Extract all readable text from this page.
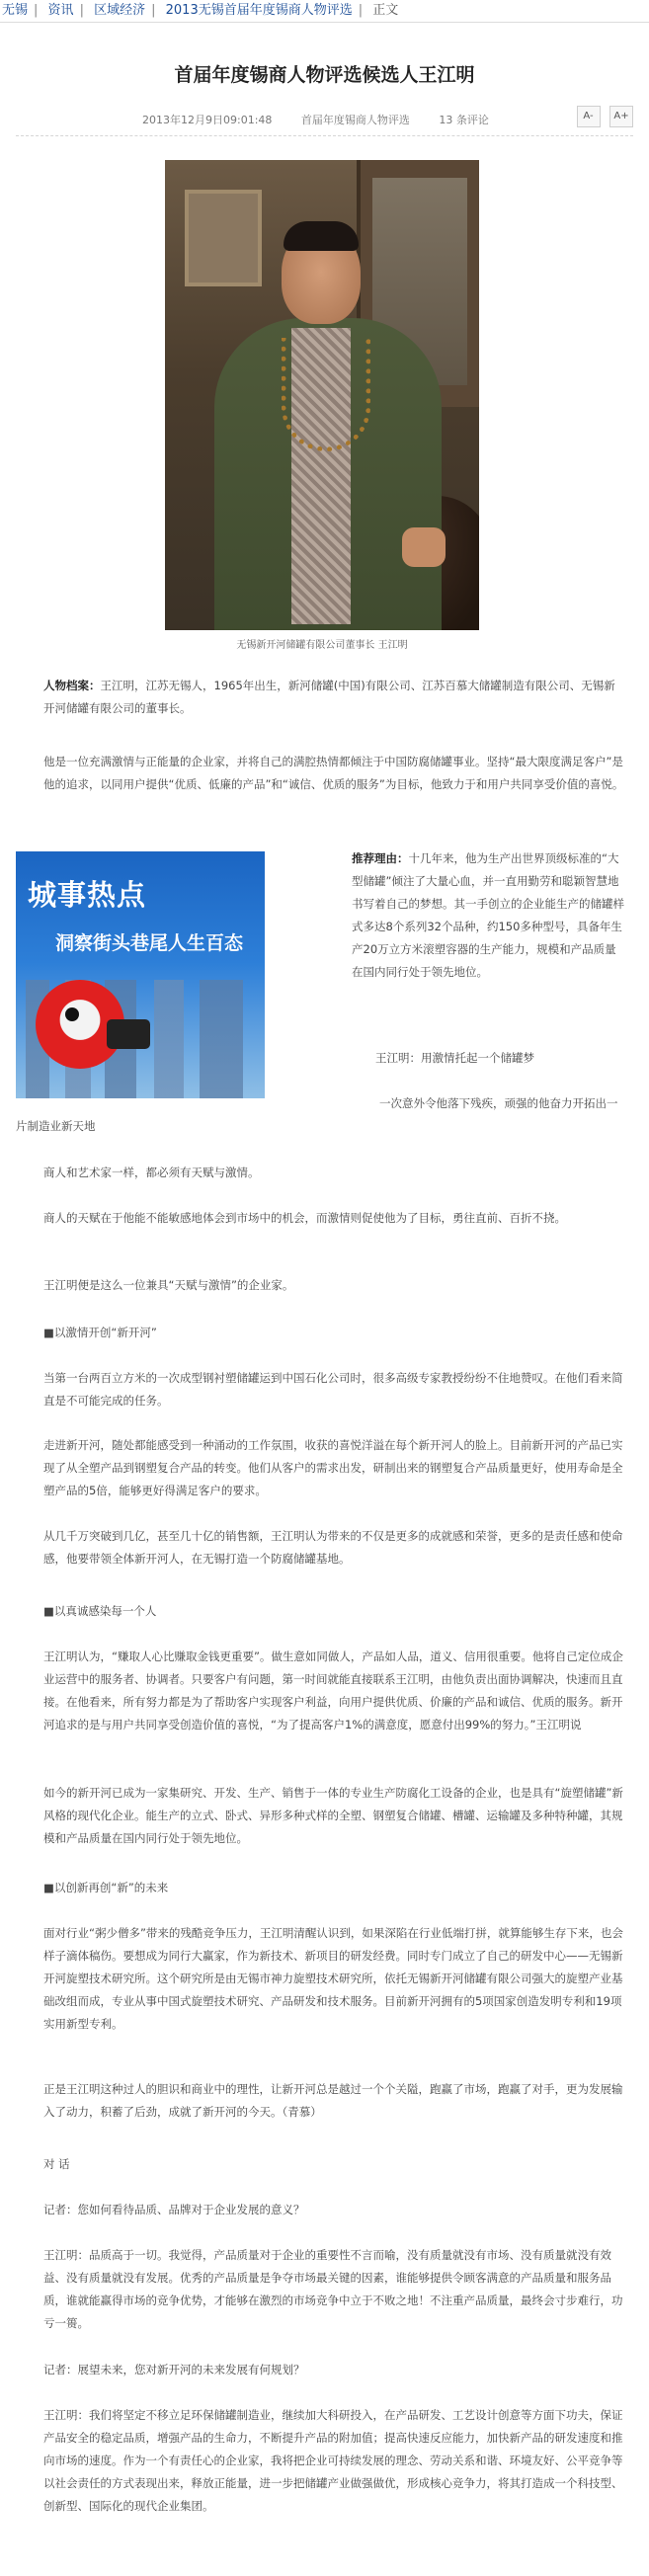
无锡 | 资讯 | 区域经济 | 2013无锡首届年度锡商人物评选 | 正文
首届年度锡商人物评选候选人王江明
2013年12月9日09:01:48	首届年度锡商人物评选	13 条评论	A- A+
无锡新开河储罐有限公司董事长 王江明

人物档案：王江明，江苏无锡人，1965年出生，新河储罐(中国)有限公司、江苏百慕大储罐制造有限公司、无锡新开河储罐有限公司的董事长。

他是一位充满激情与正能量的企业家，并将自己的满腔热情都倾注于中国防腐储罐事业。坚持“最大限度满足客户”是他的追求，以同用户提供“优质、低廉的产品”和“诚信、优质的服务”为目标，他致力于和用户共同享受价值的喜悦。

城事热点
洞察街头巷尾人生百态

推荐理由：十几年来，他为生产出世界顶级标准的“大型储罐”倾注了大量心血，并一直用勤劳和聪颖智慧地书写着自己的梦想。其一手创立的企业能生产的储罐样式多达8个系列32个品种，约150多种型号，具备年生产20万立方米滚塑容器的生产能力，规模和产品质量在国内同行处于领先地位。

王江明：用激情托起一个储罐梦

一次意外令他落下残疾，顽强的他奋力开拓出一片制造业新天地

商人和艺术家一样，都必须有天赋与激情。

商人的天赋在于他能不能敏感地体会到市场中的机会，而激情则促使他为了目标，勇往直前、百折不挠。

王江明便是这么一位兼具“天赋与激情”的企业家。

■以激情开创“新开河”

当第一台两百立方米的一次成型钢衬塑储罐运到中国石化公司时，很多高级专家教授纷纷不住地赞叹。在他们看来简直是不可能完成的任务。

走进新开河，随处都能感受到一种涌动的工作氛围，收获的喜悦洋溢在每个新开河人的脸上。目前新开河的产品已实现了从全塑产品到钢塑复合产品的转变。他们从客户的需求出发，研制出来的钢塑复合产品质量更好，使用寿命是全塑产品的5倍，能够更好得满足客户的要求。

从几千万突破到几亿，甚至几十亿的销售额，王江明认为带来的不仅是更多的成就感和荣誉，更多的是责任感和使命感，他要带领全体新开河人，在无锡打造一个防腐储罐基地。

■以真诚感染每一个人

王江明认为，“赚取人心比赚取金钱更重要”。做生意如同做人，产品如人品，道义、信用很重要。他将自己定位成企业运营中的服务者、协调者。只要客户有问题，第一时间就能直接联系王江明，由他负责出面协调解决，快速而且直接。在他看来，所有努力都是为了帮助客户实现客户利益，向用户提供优质、价廉的产品和诚信、优质的服务。新开河追求的是与用户共同享受创造价值的喜悦，“为了提高客户1%的满意度，愿意付出99%的努力。”王江明说

如今的新开河已成为一家集研究、开发、生产、销售于一体的专业生产防腐化工设备的企业，也是具有“旋塑储罐”新风格的现代化企业。能生产的立式、卧式、异形多种式样的全塑、钢塑复合储罐、槽罐、运输罐及多种特种罐，其规模和产品质量在国内同行处于领先地位。

■以创新再创“新”的未来

面对行业“粥少僧多”带来的残酷竞争压力，王江明清醒认识到，如果深陷在行业低端打拼，就算能够生存下来，也会样子滴体稿伤。要想成为同行大赢家，作为新技术、新项目的研发经费。同时专门成立了自己的研发中心——无锡新开河旋塑技术研究所。这个研究所是由无锡市神力旋塑技术研究所，依托无锡新开河储罐有限公司强大的旋塑产业基础改组而成，专业从事中国式旋塑技术研究、产品研发和技术服务。目前新开河拥有的5项国家创造发明专利和19项实用新型专利。

正是王江明这种过人的胆识和商业中的理性，让新开河总是越过一个个关隘，跑赢了市场，跑赢了对手，更为发展输入了动力，积蓄了后劲，成就了新开河的今天。（青慕）

对 话

记者：您如何看待品质、品牌对于企业发展的意义？

王江明：品质高于一切。我觉得，产品质量对于企业的重要性不言而喻，没有质量就没有市场、没有质量就没有效益、没有质量就没有发展。优秀的产品质量是争夺市场最关键的因素，谁能够提供令顾客满意的产品质量和服务品质，谁就能赢得市场的竞争优势，才能够在激烈的市场竞争中立于不败之地！不注重产品质量，最终会寸步难行，功亏一篑。

记者：展望未来，您对新开河的未来发展有何规划？

王江明：我们将坚定不移立足环保储罐制造业，继续加大科研投入，在产品研发、工艺设计创意等方面下功夫，保证产品安全的稳定品质，增强产品的生命力，不断提升产品的附加值；提高快速反应能力，加快新产品的研发速度和推向市场的速度。作为一个有责任心的企业家，我将把企业可持续发展的理念、劳动关系和谐、环境友好、公平竞争等以社会责任的方式表现出来，释放正能量，进一步把储罐产业做强做优，形成核心竞争力，将其打造成一个科技型、创新型、国际化的现代企业集团。
